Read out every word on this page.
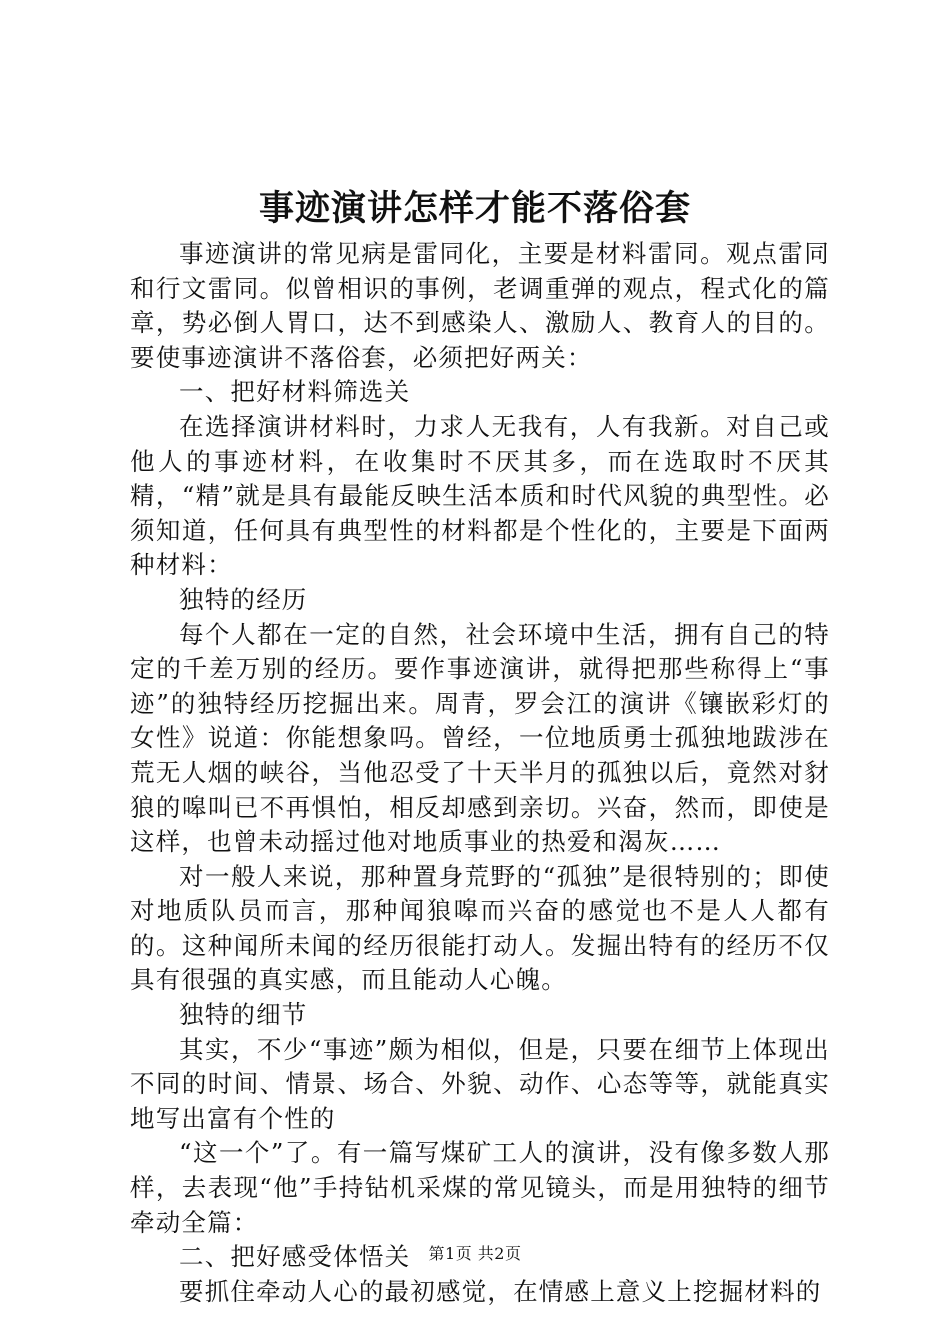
事迹演讲怎样才能不落俗套

事迹演讲的常见病是雷同化，主要是材料雷同。观点雷同和行文雷同。似曾相识的事例，老调重弹的观点，程式化的篇章，势必倒人胃口，达不到感染人、激励人、教育人的目的。要使事迹演讲不落俗套，必须把好两关：

一、把好材料筛选关

在选择演讲材料时，力求人无我有，人有我新。对自己或他人的事迹材料，在收集时不厌其多，而在选取时不厌其精，“精”就是具有最能反映生活本质和时代风貌的典型性。必须知道，任何具有典型性的材料都是个性化的，主要是下面两种材料：

独特的经历

每个人都在一定的自然，社会环境中生活，拥有自己的特定的千差万别的经历。要作事迹演讲，就得把那些称得上“事迹”的独特经历挖掘出来。周青，罗会江的演讲《镶嵌彩灯的女性》说道：你能想象吗。曾经，一位地质勇士孤独地跋涉在荒无人烟的峡谷，当他忍受了十天半月的孤独以后，竟然对豺狼的嗥叫已不再惧怕，相反却感到亲切。兴奋，然而，即使是这样，也曾未动摇过他对地质事业的热爱和渴灰……

对一般人来说，那种置身荒野的“孤独”是很特别的；即使对地质队员而言，那种闻狼嗥而兴奋的感觉也不是人人都有的。这种闻所未闻的经历很能打动人。发掘出特有的经历不仅具有很强的真实感，而且能动人心魄。

独特的细节

其实，不少“事迹”颇为相似，但是，只要在细节上体现出不同的时间、情景、场合、外貌、动作、心态等等，就能真实地写出富有个性的

“这一个”了。有一篇写煤矿工人的演讲，没有像多数人那样，去表现“他”手持钻机采煤的常见镜头，而是用独特的细节牵动全篇：

二、把好感受体悟关

要抓住牵动人心的最初感觉，在情感上意义上挖掘材料的

第1页 共2页
